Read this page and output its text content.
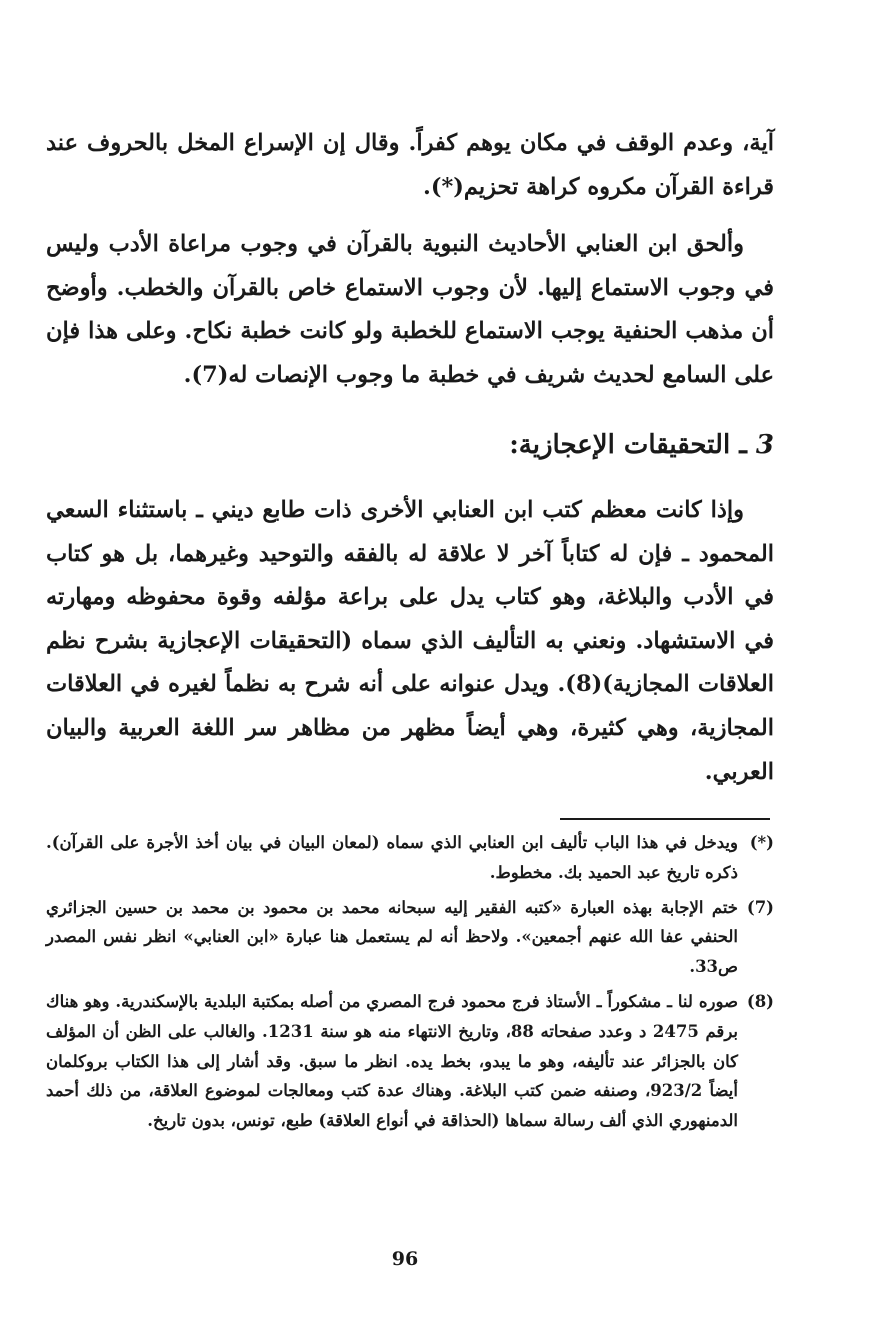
آية، وعدم الوقف في مكان يوهم كفراً. وقال إن الإسراع المخل بالحروف عند قراءة القرآن مكروه كراهة تحزيم(*).

وألحق ابن العنابي الأحاديث النبوية بالقرآن في وجوب مراعاة الأدب وليس في وجوب الاستماع إليها. لأن وجوب الاستماع خاص بالقرآن والخطب. وأوضح أن مذهب الحنفية يوجب الاستماع للخطبة ولو كانت خطبة نكاح. وعلى هذا فإن على السامع لحديث شريف في خطبة ما وجوب الإنصات له(7).

3 ـ التحقيقات الإعجازية:

وإذا كانت معظم كتب ابن العنابي الأخرى ذات طابع ديني ـ باستثناء السعي المحمود ـ فإن له كتاباً آخر لا علاقة له بالفقه والتوحيد وغيرهما، بل هو كتاب في الأدب والبلاغة، وهو كتاب يدل على براعة مؤلفه وقوة محفوظه ومهارته في الاستشهاد. ونعني به التأليف الذي سماه (التحقيقات الإعجازية بشرح نظم العلاقات المجازية)(8). ويدل عنوانه على أنه شرح به نظماً لغيره في العلاقات المجازية، وهي كثيرة، وهي أيضاً مظهر من مظاهر سر اللغة العربية والبيان العربي.

(*)
ويدخل في هذا الباب تأليف ابن العنابي الذي سماه (لمعان البيان في بيان أخذ الأجرة على القرآن). ذكره تاريخ عبد الحميد بك. مخطوط.
(7)
ختم الإجابة بهذه العبارة «كتبه الفقير إليه سبحانه محمد بن محمود بن محمد بن حسين الجزائري الحنفي عفا الله عنهم أجمعين». ولاحظ أنه لم يستعمل هنا عبارة «ابن العنابي» انظر نفس المصدر ص33.
(8)
صوره لنا ـ مشكوراً ـ الأستاذ فرج محمود فرج المصري من أصله بمكتبة البلدية بالإسكندرية. وهو هناك برقم 2475 د وعدد صفحاته 88، وتاريخ الانتهاء منه هو سنة 1231. والغالب على الظن أن المؤلف كان بالجزائر عند تأليفه، وهو ما يبدو، بخط يده. انظر ما سبق. وقد أشار إلى هذا الكتاب بروكلمان أيضاً 923/2، وصنفه ضمن كتب البلاغة. وهناك عدة كتب ومعالجات لموضوع العلاقة، من ذلك أحمد الدمنهوري الذي ألف رسالة سماها (الحذاقة في أنواع العلاقة) طبع، تونس، بدون تاريخ.
96
